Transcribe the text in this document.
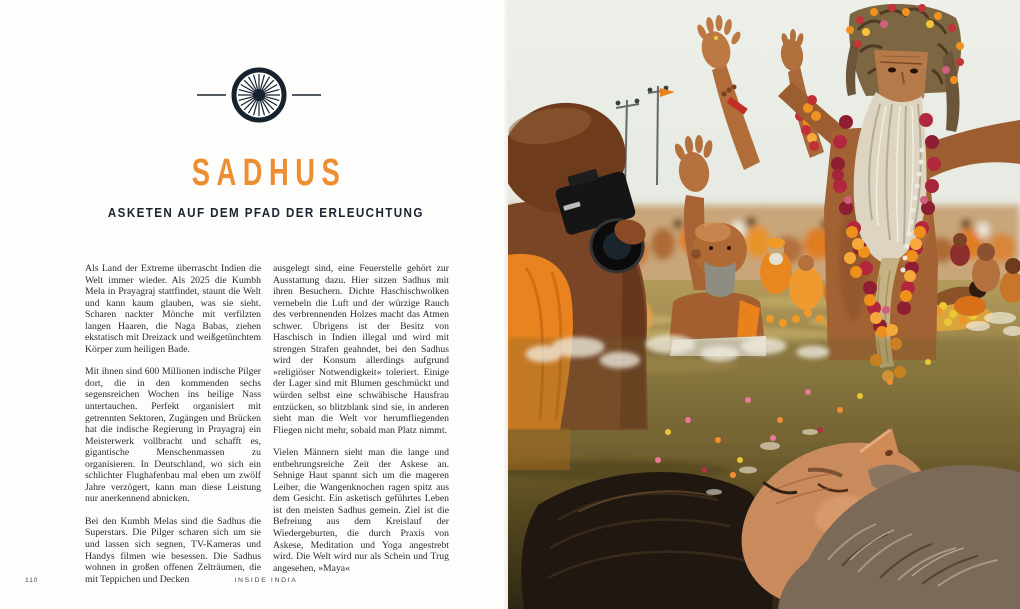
SADHUS
ASKETEN AUF DEM PFAD DER ERLEUCHTUNG

Als Land der Extreme überrascht Indien die Welt immer wieder. Als 2025 die Kumbh Mela in Prayagraj stattfindet, staunt die Welt und kann kaum glauben, was sie sieht. Scharen nackter Mönche mit verfilzten langen Haaren, die Naga Babas, ziehen ekstatisch mit Dreizack und weißgetünchtem Körper zum heiligen Bade.

Mit ihnen sind 600 Millionen indische Pilger dort, die in den kommenden sechs segensreichen Wochen ins heilige Nass untertauchen. Perfekt organisiert mit getrennten Sektoren, Zugängen und Brücken hat die indische Regierung in Prayagraj ein Meisterwerk vollbracht und schafft es, gigantische Menschenmassen zu organisieren. In Deutschland, wo sich ein schlichter Flughafenbau mal eben um zwölf Jahre verzögert, kann man diese Leistung nur anerkennend abnicken.

Bei den Kumbh Melas sind die Sadhus die Superstars. Die Pilger scharen sich um sie und lassen sich segnen, TV-Kameras und Handys filmen wie besessen. Die Sadhus wohnen in großen offenen Zelträumen, die mit Teppichen und Decken

ausgelegt sind, eine Feuerstelle gehört zur Ausstattung dazu. Hier sitzen Sadhus mit ihren Besuchern. Dichte Haschischwolken vernebeln die Luft und der würzige Rauch des verbrennenden Holzes macht das Atmen schwer. Übrigens ist der Besitz von Haschisch in Indien illegal und wird mit strengen Strafen geahndet, bei den Sadhus wird der Konsum allerdings aufgrund »religiöser Notwendigkeit« toleriert. Einige der Lager sind mit Blumen geschmückt und würden selbst eine schwäbische Hausfrau entzücken, so blitzblank sind sie, in anderen sieht man die Welt vor herumfliegenden Fliegen nicht mehr, sobald man Platz nimmt.

Vielen Männern sieht man die lange und entbehrungsreiche Zeit der Askese an. Sehnige Haut spannt sich um die mageren Leiber, die Wangenknochen ragen spitz aus dem Gesicht. Ein asketisch geführtes Leben ist den meisten Sadhus gemein. Ziel ist die Befreiung aus dem Kreislauf der Wiedergeburten, die durch Praxis von Askese, Meditation und Yoga angestrebt wird. Die Welt wird nur als Schein und Trug angesehen, »Maya«

110	INSIDE INDIA
